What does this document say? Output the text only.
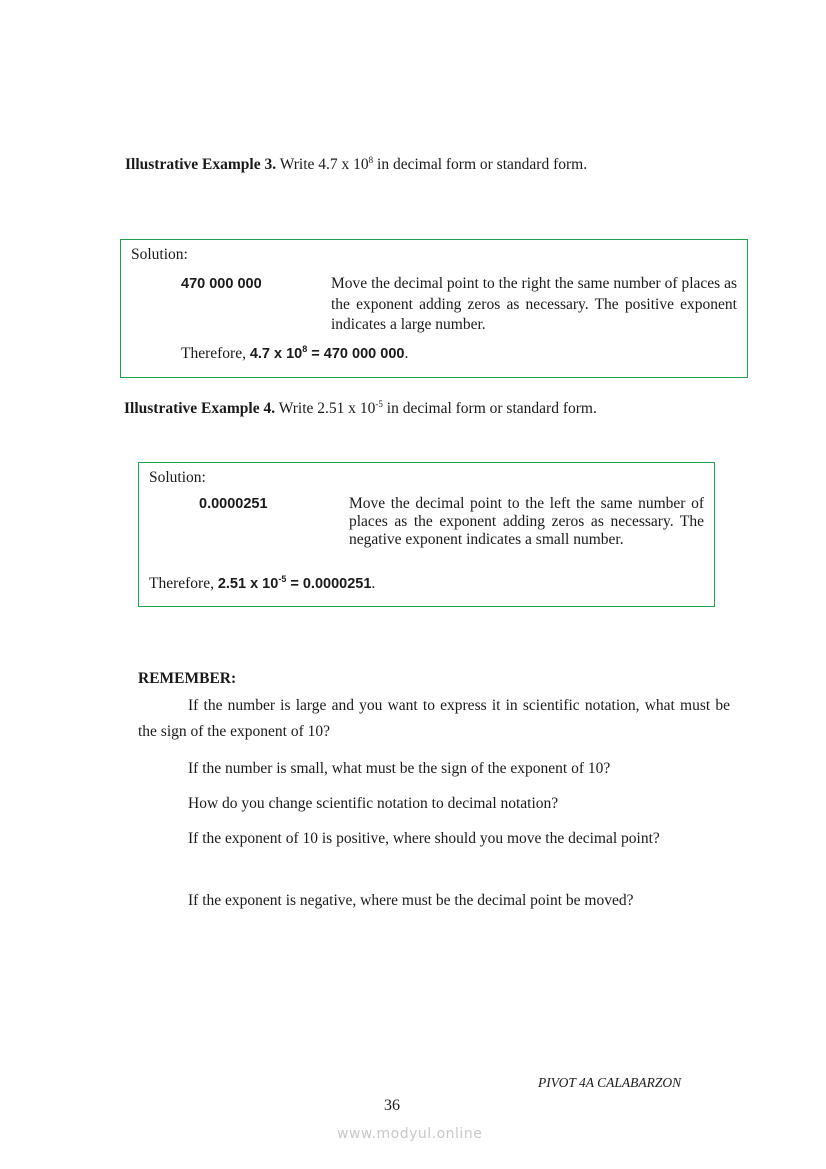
Illustrative Example 3. Write 4.7 x $10^8$ in decimal form or standard form.
Solution:
470 000 000	Move the decimal point to the right the same number of places as the exponent adding zeros as necessary. The positive exponent indicates a large number.
Therefore, 4.7 x $10^8 = 470$ 000 000.
Illustrative Example 4. Write 2.51 x $10^{-5}$ in decimal form or standard form.
Solution:
0.0000251	Move the decimal point to the left the same number of places as the exponent adding zeros as necessary. The negative exponent indicates a small number.
Therefore, 2.51 x $10^{-5} = 0.0000251$.
REMEMBER:
If the number is large and you want to express it in scientific notation, what must be the sign of the exponent of 10?
If the number is small, what must be the sign of the exponent of 10?
How do you change scientific notation to decimal notation?
If the exponent of 10 is positive, where should you move the decimal point?
If the exponent is negative, where must be the decimal point be moved?
PIVOT 4A CALABARZON
36
www.modyul.online
